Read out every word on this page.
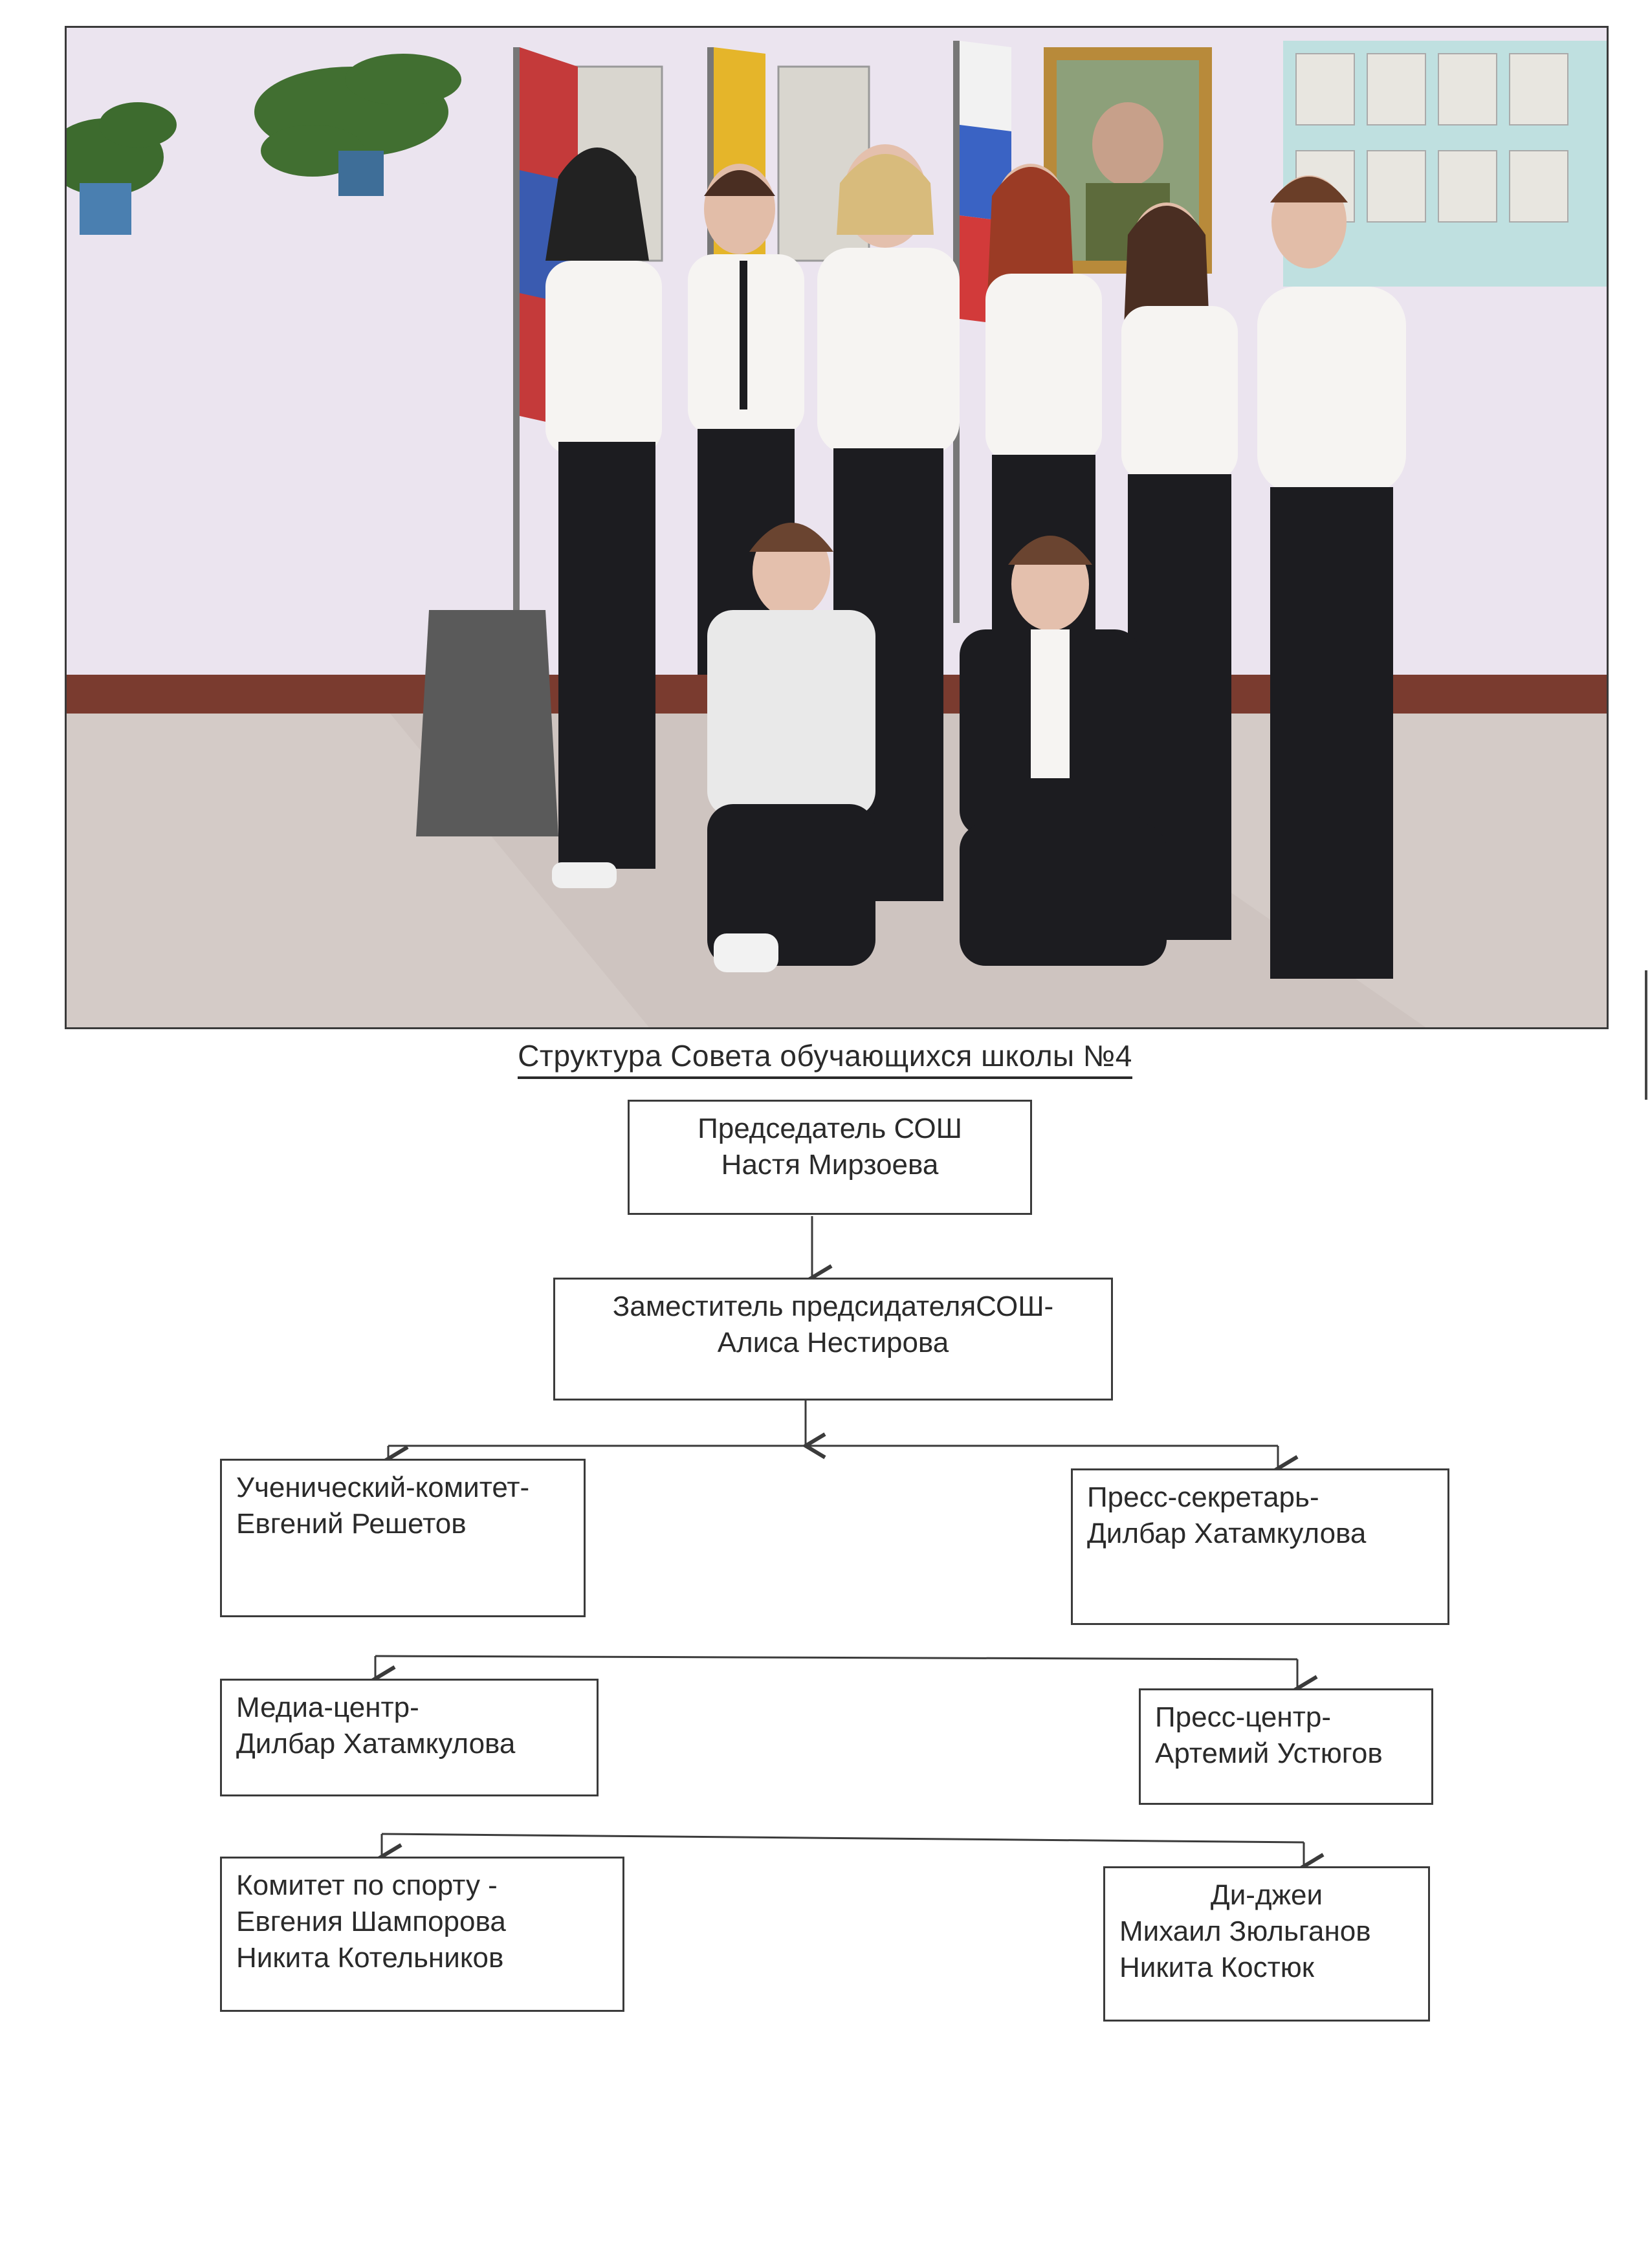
Структура Совета обучающихся школы №4
Председатель СОШ
Настя Мирзоева
Заместитель предсидателяСОШ-
Алиса Нестирова
Ученический-комитет-
Евгений Решетов
Пресс-секретарь-
Дилбар Хатамкулова
Медиа-центр-
Дилбар Хатамкулова
Пресс-центр-
Артемий Устюгов
Комитет по спорту -
Евгения Шампорова
Никита Котельников
Ди-джеи
Михаил Зюльганов
Никита Костюк
